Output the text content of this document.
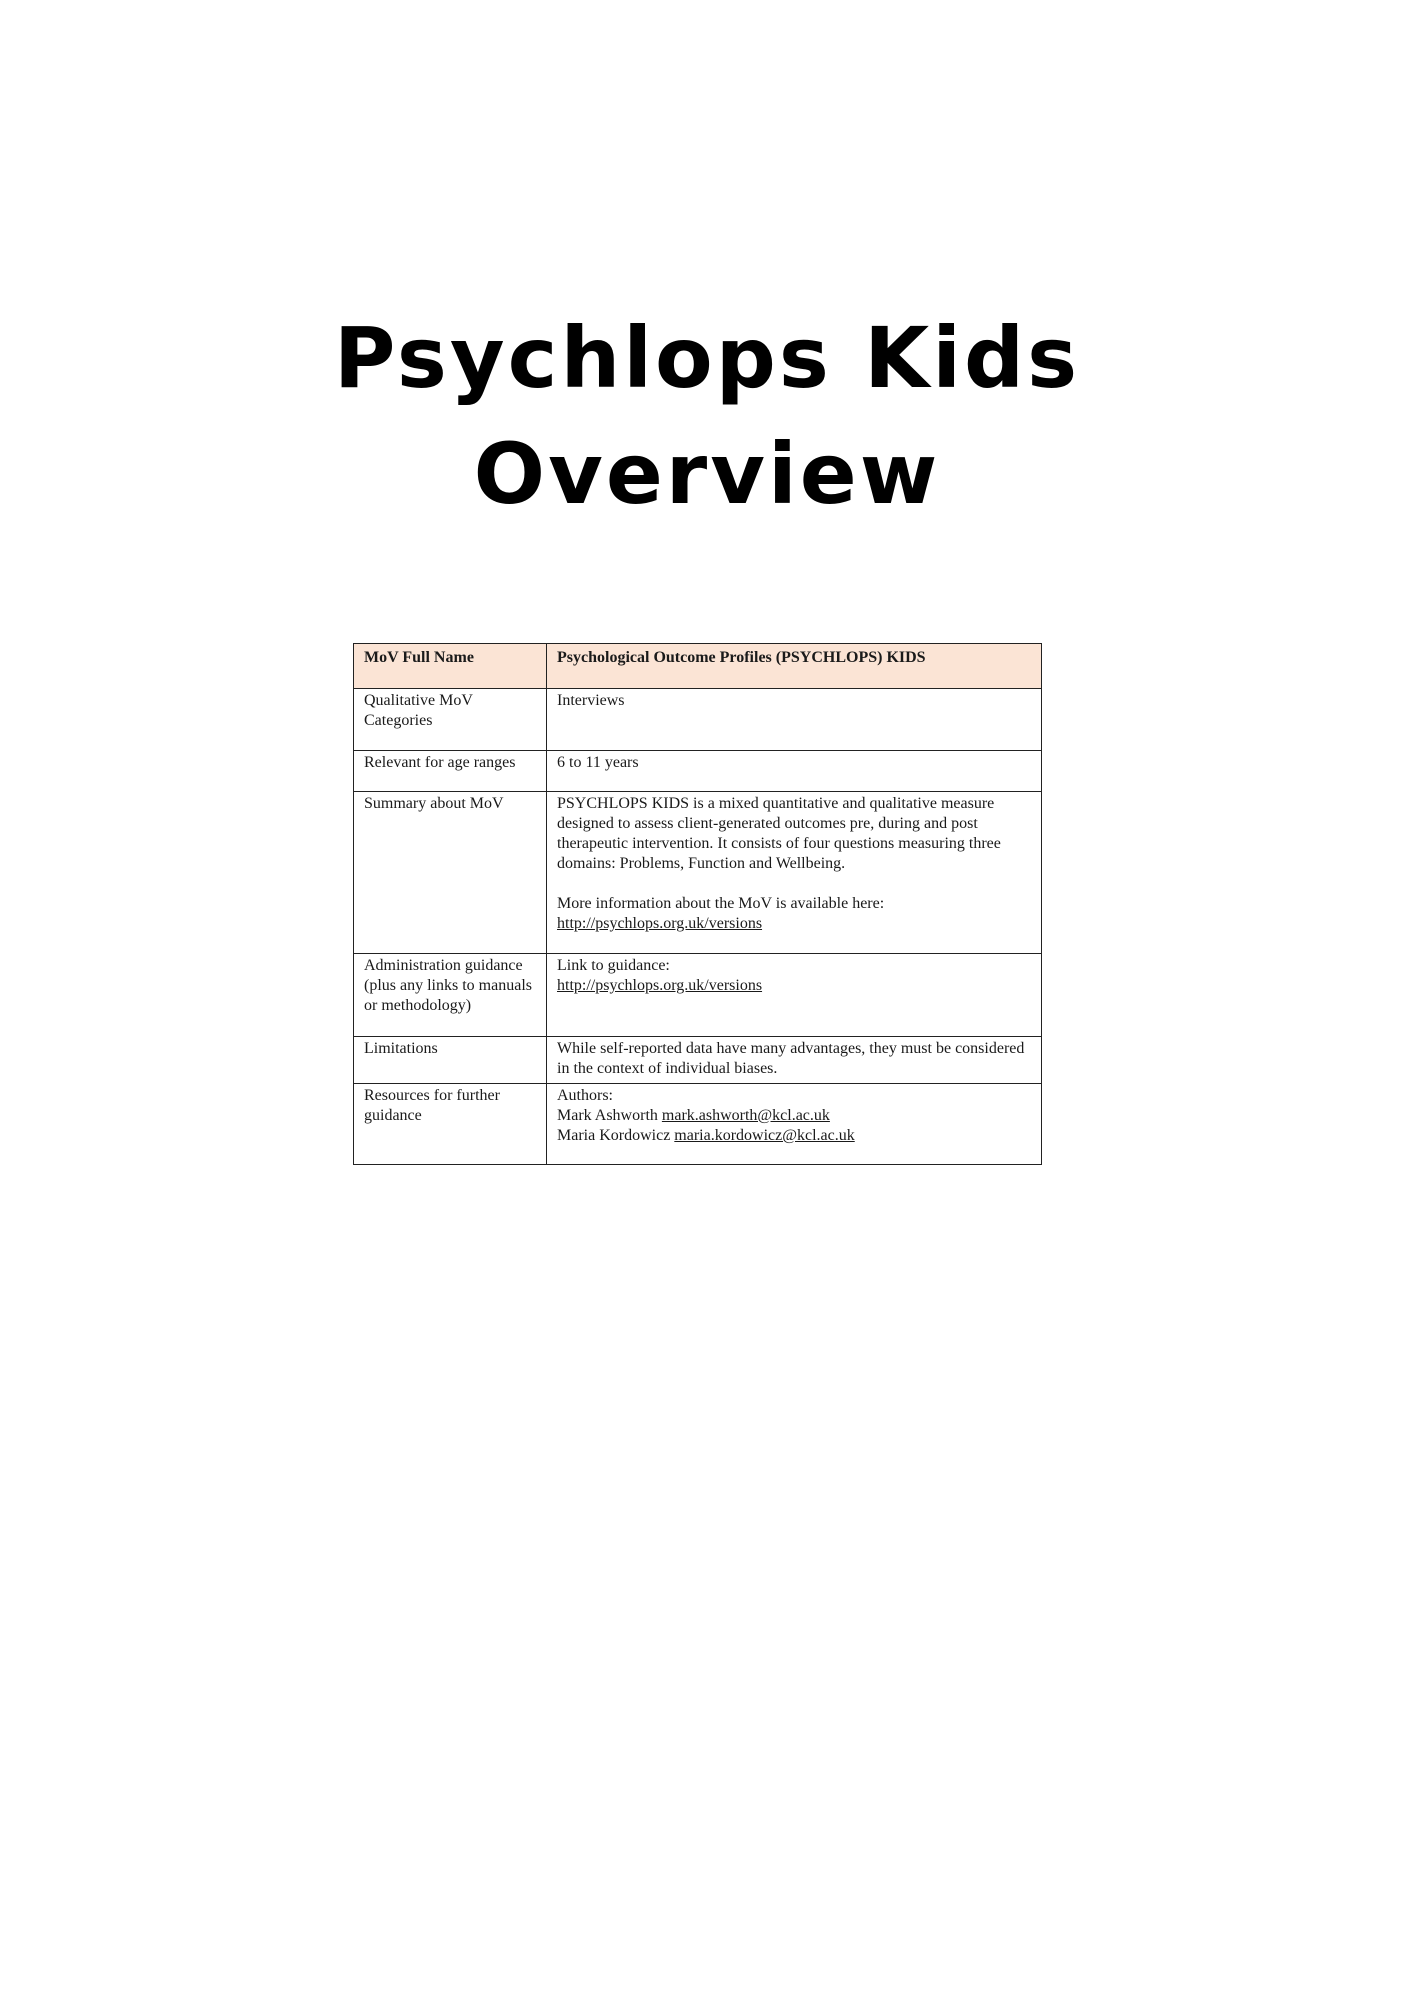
Psychlops Kids
Overview
MoV Full Name	Psychological Outcome Profiles (PSYCHLOPS) KIDS
Qualitative MoV Categories	Interviews
Relevant for age ranges	6 to 11 years
Summary about MoV	PSYCHLOPS KIDS is a mixed quantitative and qualitative measure designed to assess client-generated outcomes pre, during and post therapeutic intervention. It consists of four questions measuring three domains: Problems, Function and Wellbeing.
More information about the MoV is available here:
http://psychlops.org.uk/versions

Administration guidance (plus any links to manuals or methodology)	Link to guidance:
http://psychlops.org.uk/versions

Limitations	While self-reported data have many advantages, they must be considered in the context of individual biases.
Resources for further guidance	Authors:
Mark Ashworth mark.ashworth@kcl.ac.uk
Maria Kordowicz maria.kordowicz@kcl.ac.uk
